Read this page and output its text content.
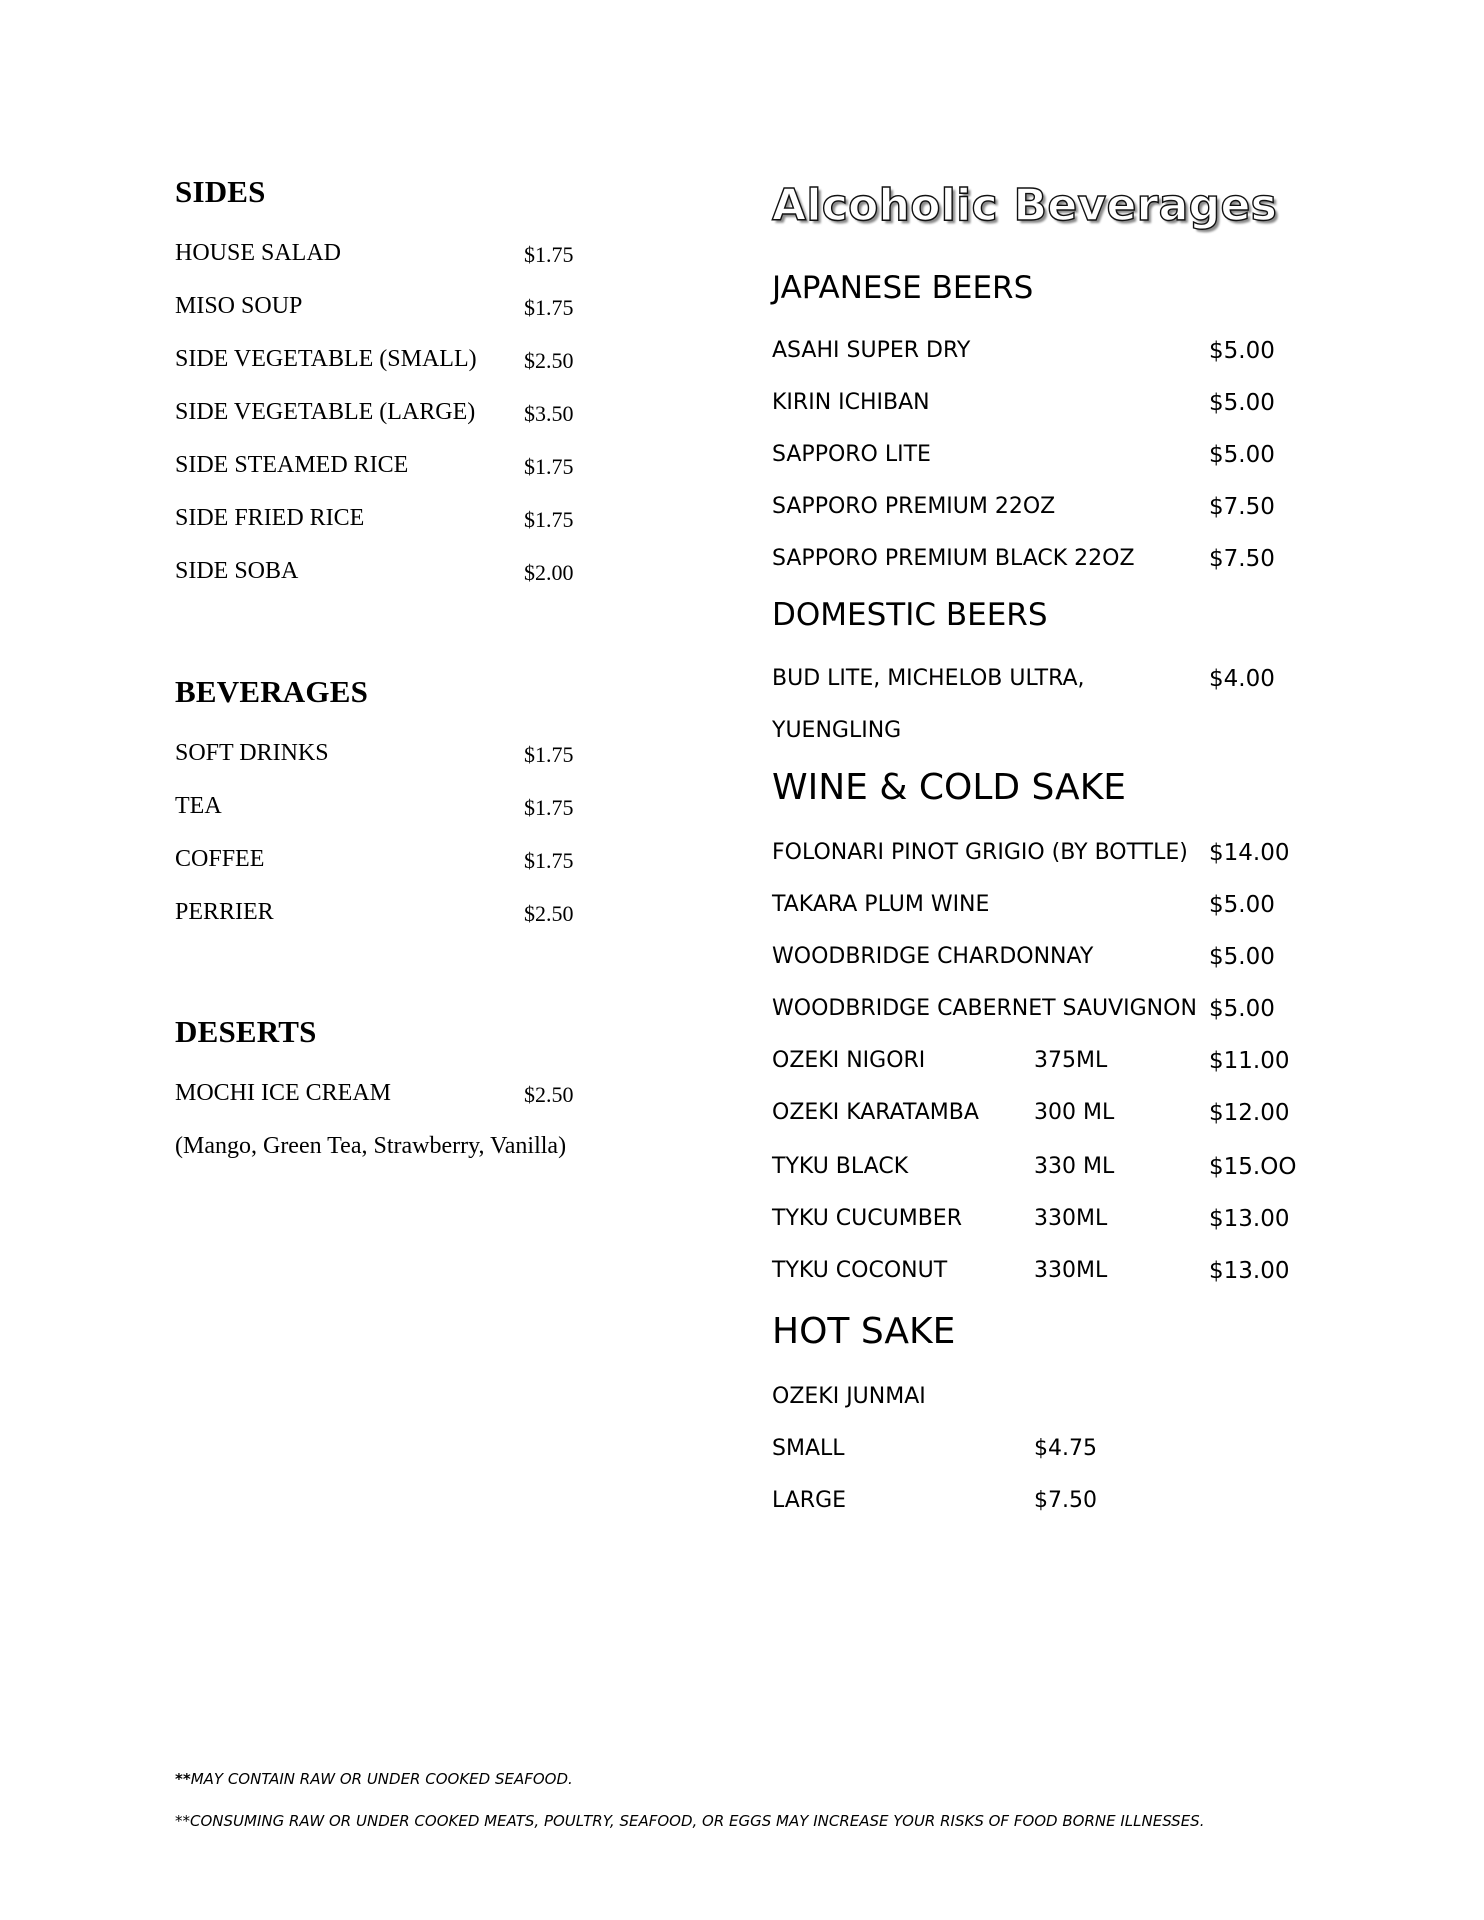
SIDES
HOUSE SALAD	$1.75
MISO SOUP	$1.75
SIDE VEGETABLE (SMALL) $2.50
SIDE VEGETABLE (LARGE) $3.50
SIDE STEAMED RICE	$1.75
SIDE FRIED RICE	$1.75
SIDE SOBA	$2.00
BEVERAGES
SOFT DRINKS	$1.75
TEA	$1.75
COFFEE	$1.75
PERRIER	$2.50
DESERTS
MOCHI ICE CREAM	$2.50
(Mango, Green Tea, Strawberry, Vanilla)
Alcoholic Beverages
JAPANESE BEERS
ASAHI SUPER DRY	$5.00
KIRIN ICHIBAN	$5.00
SAPPORO LITE	$5.00
SAPPORO PREMIUM 22OZ	$7.50
SAPPORO PREMIUM BLACK 22OZ	$7.50
DOMESTIC BEERS
BUD LITE, MICHELOB ULTRA,	$4.00
YUENGLING
WINE & COLD SAKE
FOLONARI PINOT GRIGIO (BY BOTTLE) $14.00
TAKARA PLUM WINE	$5.00
WOODBRIDGE CHARDONNAY	$5.00
WOODBRIDGE CABERNET SAUVIGNON $5.00
OZEKI NIGORI	375ML	$11.00
OZEKI KARATAMBA	300 ML	$12.00
TYKU BLACK	330 ML	$15.OO
TYKU CUCUMBER	330ML	$13.00
TYKU COCONUT	330ML	$13.00
HOT SAKE
OZEKI JUNMAI
SMALL	$4.75
LARGE	$7.50
**MAY CONTAIN RAW OR UNDER COOKED SEAFOOD.
**CONSUMING RAW OR UNDER COOKED MEATS, POULTRY, SEAFOOD, OR EGGS MAY INCREASE YOUR RISKS OF FOOD BORNE ILLNESSES.
